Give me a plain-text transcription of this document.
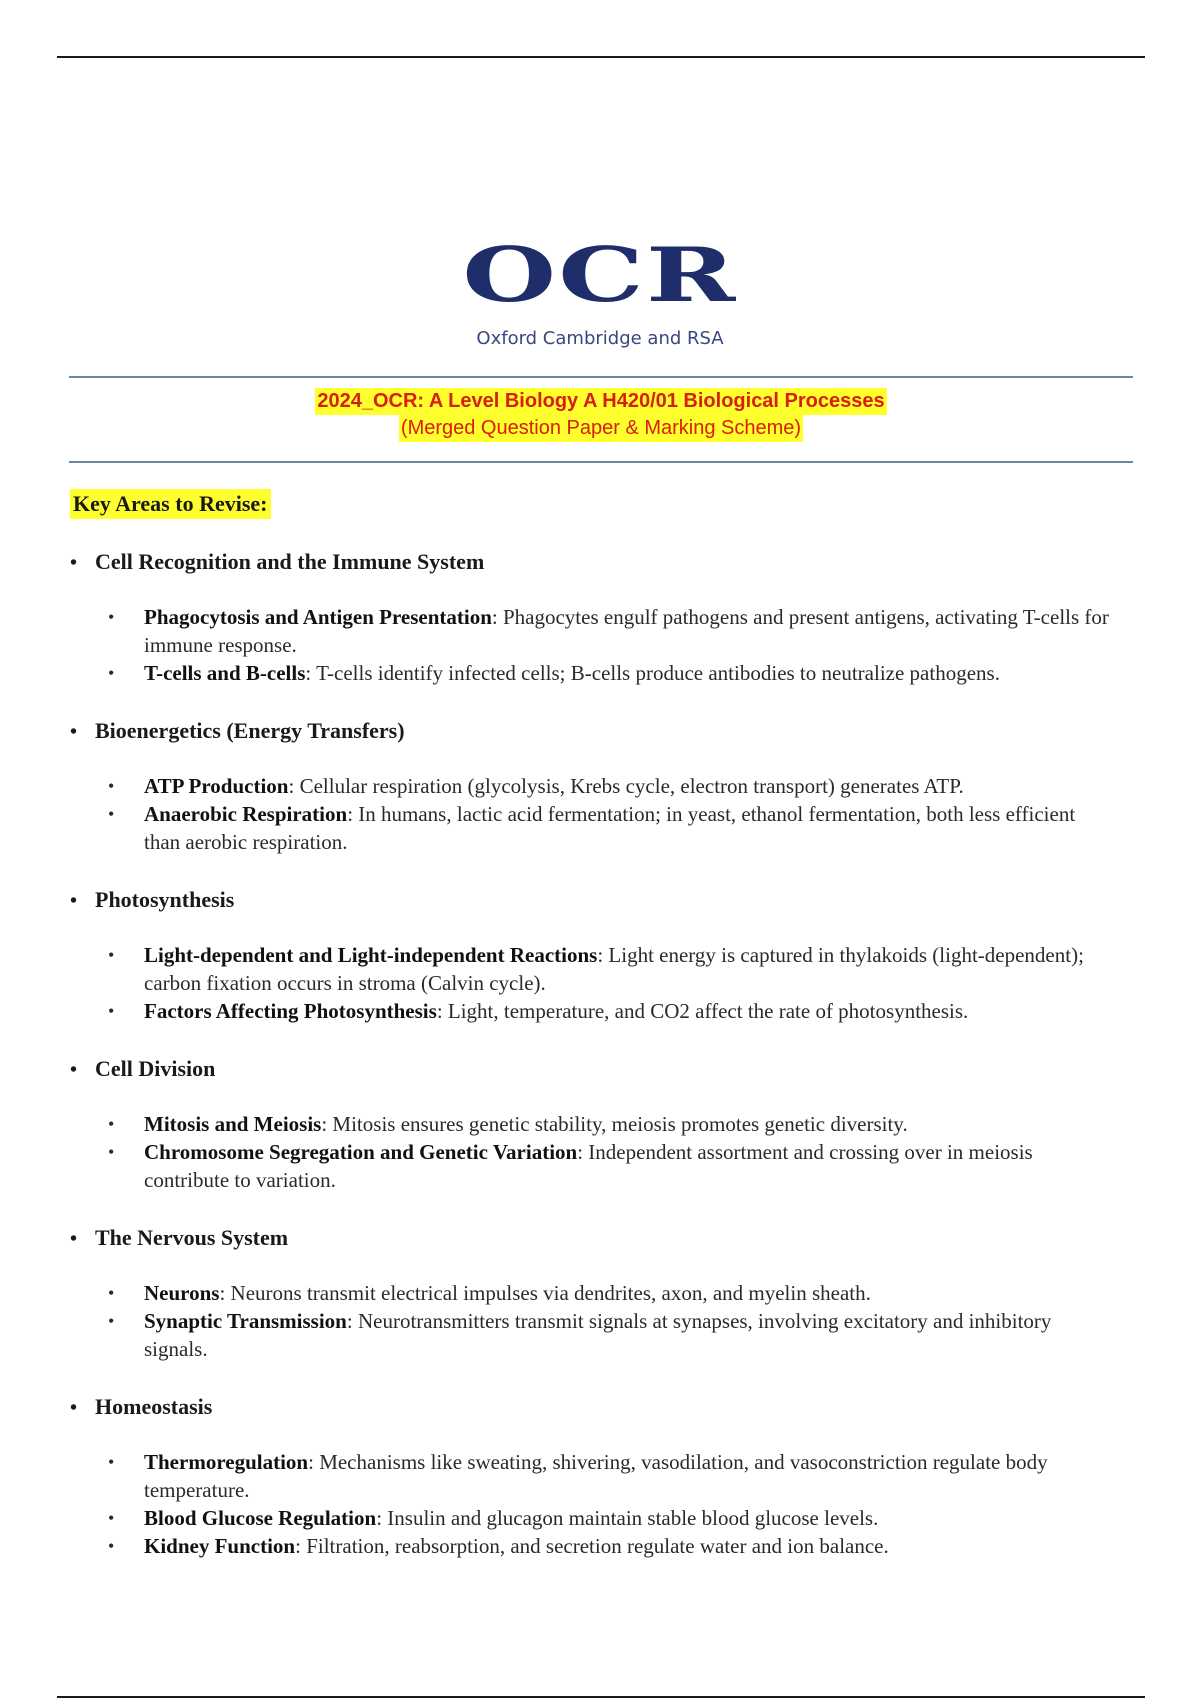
OCR
Oxford Cambridge and RSA
2024_OCR: A Level Biology A H420/01 Biological Processes
(Merged Question Paper & Marking Scheme)
Key Areas to Revise:
• Cell Recognition and the Immune System
•	Phagocytosis and Antigen Presentation: Phagocytes engulf pathogens and present antigens, activating T-cells for immune response.
•	T-cells and B-cells: T-cells identify infected cells; B-cells produce antibodies to neutralize pathogens.
• Bioenergetics (Energy Transfers)
•	ATP Production: Cellular respiration (glycolysis, Krebs cycle, electron transport) generates ATP.
•	Anaerobic Respiration: In humans, lactic acid fermentation; in yeast, ethanol fermentation, both less efficient than aerobic respiration.
• Photosynthesis
•	Light-dependent and Light-independent Reactions: Light energy is captured in thylakoids (light-dependent); carbon fixation occurs in stroma (Calvin cycle).
•	Factors Affecting Photosynthesis: Light, temperature, and CO2 affect the rate of photosynthesis.
• Cell Division
•	Mitosis and Meiosis: Mitosis ensures genetic stability, meiosis promotes genetic diversity.
•	Chromosome Segregation and Genetic Variation: Independent assortment and crossing over in meiosis contribute to variation.
• The Nervous System
•	Neurons: Neurons transmit electrical impulses via dendrites, axon, and myelin sheath.
•	Synaptic Transmission: Neurotransmitters transmit signals at synapses, involving excitatory and inhibitory signals.
• Homeostasis
•	Thermoregulation: Mechanisms like sweating, shivering, vasodilation, and vasoconstriction regulate body temperature.
•	Blood Glucose Regulation: Insulin and glucagon maintain stable blood glucose levels.
•	Kidney Function: Filtration, reabsorption, and secretion regulate water and ion balance.
